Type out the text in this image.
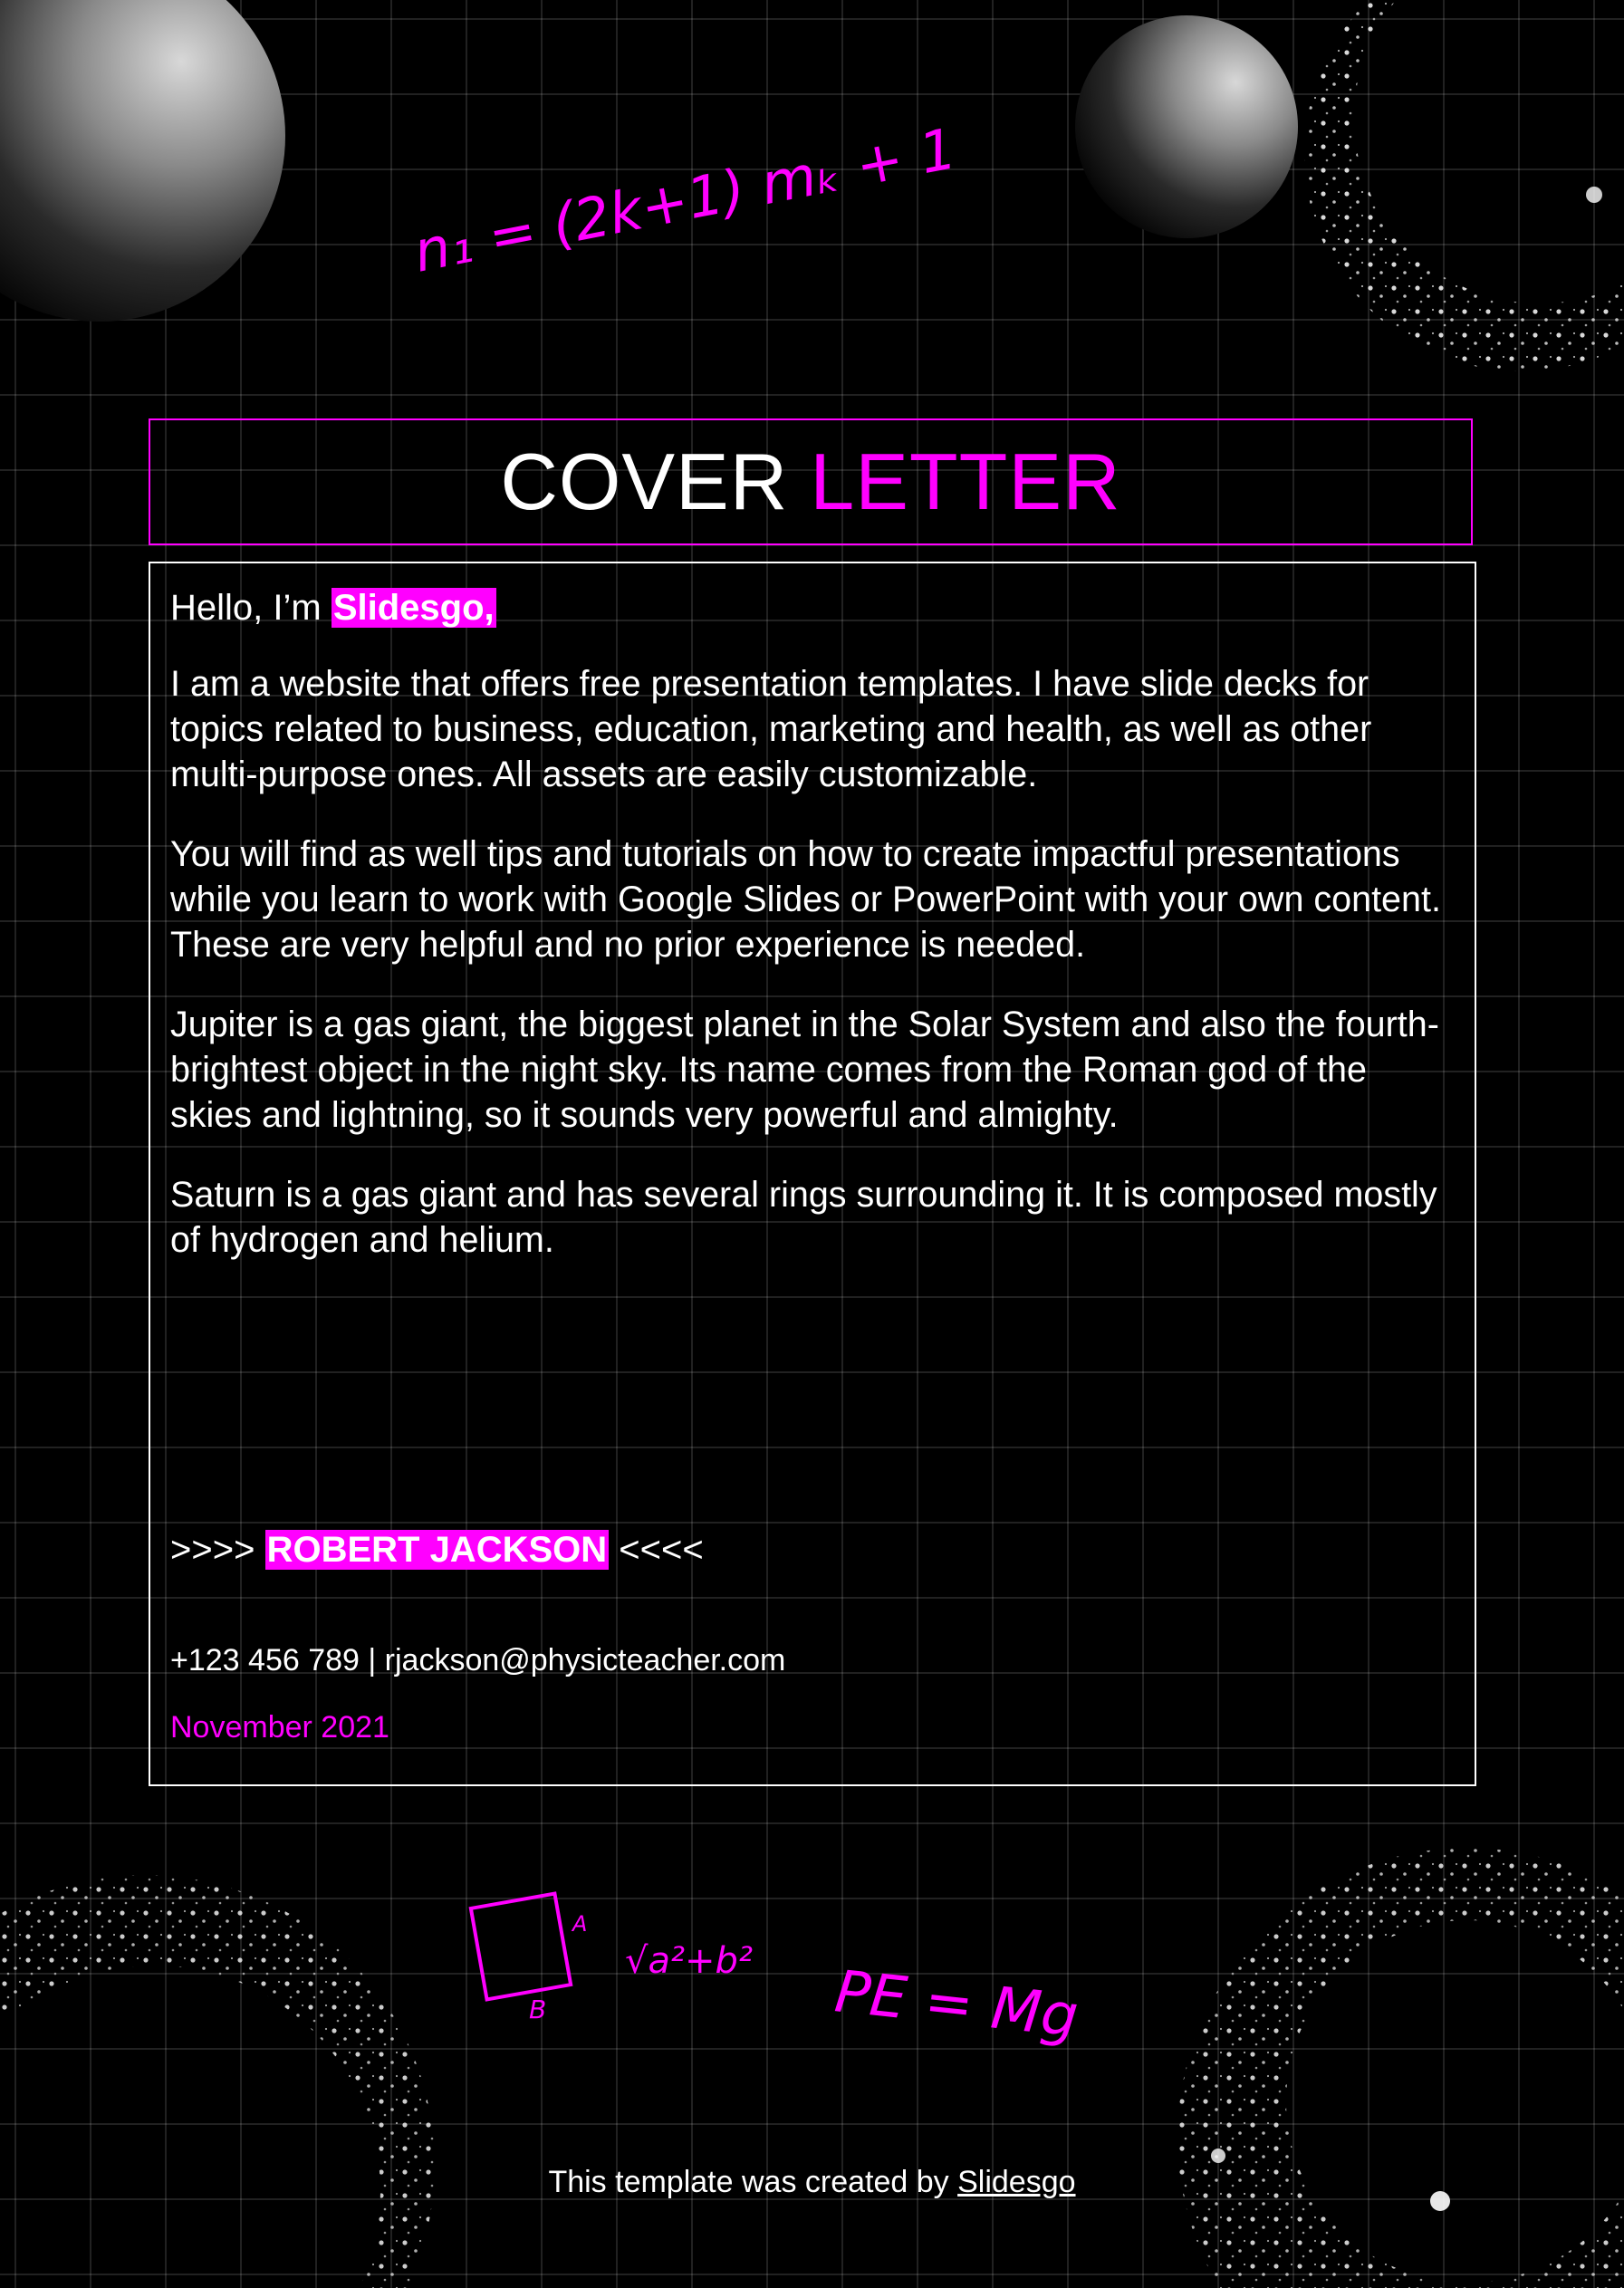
n₁ = (2k+1) mₖ + 1
A
B
√a²+b² PE = Mg
COVER LETTER
Hello, I’m Slidesgo,

I am a website that offers free presentation templates. I have slide decks for topics related to business, education, marketing and health, as well as other multi-purpose ones. All assets are easily customizable.

You will find as well tips and tutorials on how to create impactful presentations while you learn to work with Google Slides or PowerPoint with your own content. These are very helpful and no prior experience is needed.

Jupiter is a gas giant, the biggest planet in the Solar System and also the fourth-brightest object in the night sky. Its name comes from the Roman god of the skies and lightning, so it sounds very powerful and almighty.

Saturn is a gas giant and has several rings surrounding it. It is composed mostly of hydrogen and helium.

>>>> ROBERT JACKSON <<<<
+123 456 789 | rjackson@physicteacher.com
November 2021
This template was created by Slidesgo
